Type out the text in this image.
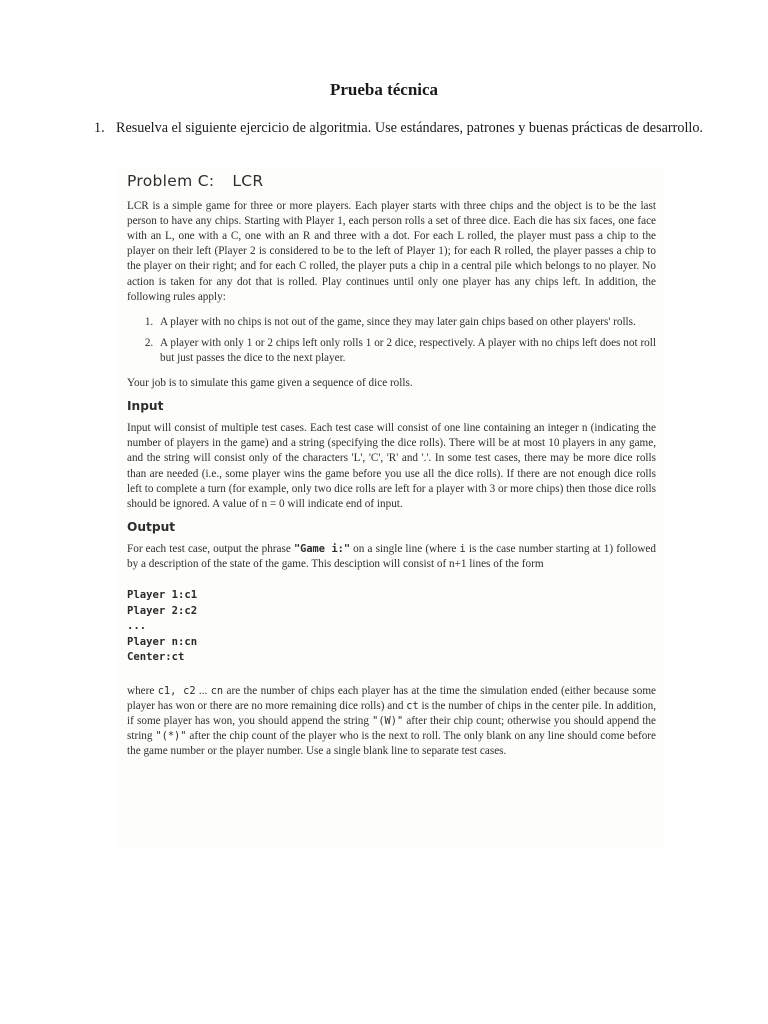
Prueba técnica
1. Resuelva el siguiente ejercicio de algoritmia. Use estándares, patrones y buenas prácticas de desarrollo.
Problem C: LCR

LCR is a simple game for three or more players. Each player starts with three chips and the object is to be the last person to have any chips. Starting with Player 1, each person rolls a set of three dice. Each die has six faces, one face with an L, one with a C, one with an R and three with a dot. For each L rolled, the player must pass a chip to the player on their left (Player 2 is considered to be to the left of Player 1); for each R rolled, the player passes a chip to the player on their right; and for each C rolled, the player puts a chip in a central pile which belongs to no player. No action is taken for any dot that is rolled. Play continues until only one player has any chips left. In addition, the following rules apply:

1. A player with no chips is not out of the game, since they may later gain chips based on other players' rolls.
2. A player with only 1 or 2 chips left only rolls 1 or 2 dice, respectively. A player with no chips left does not roll but just passes the dice to the next player.

Your job is to simulate this game given a sequence of dice rolls.

Input

Input will consist of multiple test cases. Each test case will consist of one line containing an integer n (indicating the number of players in the game) and a string (specifying the dice rolls). There will be at most 10 players in any game, and the string will consist only of the characters 'L', 'C', 'R' and '.'. In some test cases, there may be more dice rolls than are needed (i.e., some player wins the game before you use all the dice rolls). If there are not enough dice rolls left to complete a turn (for example, only two dice rolls are left for a player with 3 or more chips) then those dice rolls should be ignored. A value of n = 0 will indicate end of input.

Output

For each test case, output the phrase "Game i:" on a single line (where i is the case number starting at 1) followed by a description of the state of the game. This desciption will consist of n+1 lines of the form

Player 1:c1
Player 2:c2
...
Player n:cn
Center:ct

where c1, c2 ... cn are the number of chips each player has at the time the simulation ended (either because some player has won or there are no more remaining dice rolls) and ct is the number of chips in the center pile. In addition, if some player has won, you should append the string "(W)" after their chip count; otherwise you should append the string "(*)" after the chip count of the player who is the next to roll. The only blank on any line should come before the game number or the player number. Use a single blank line to separate test cases.
